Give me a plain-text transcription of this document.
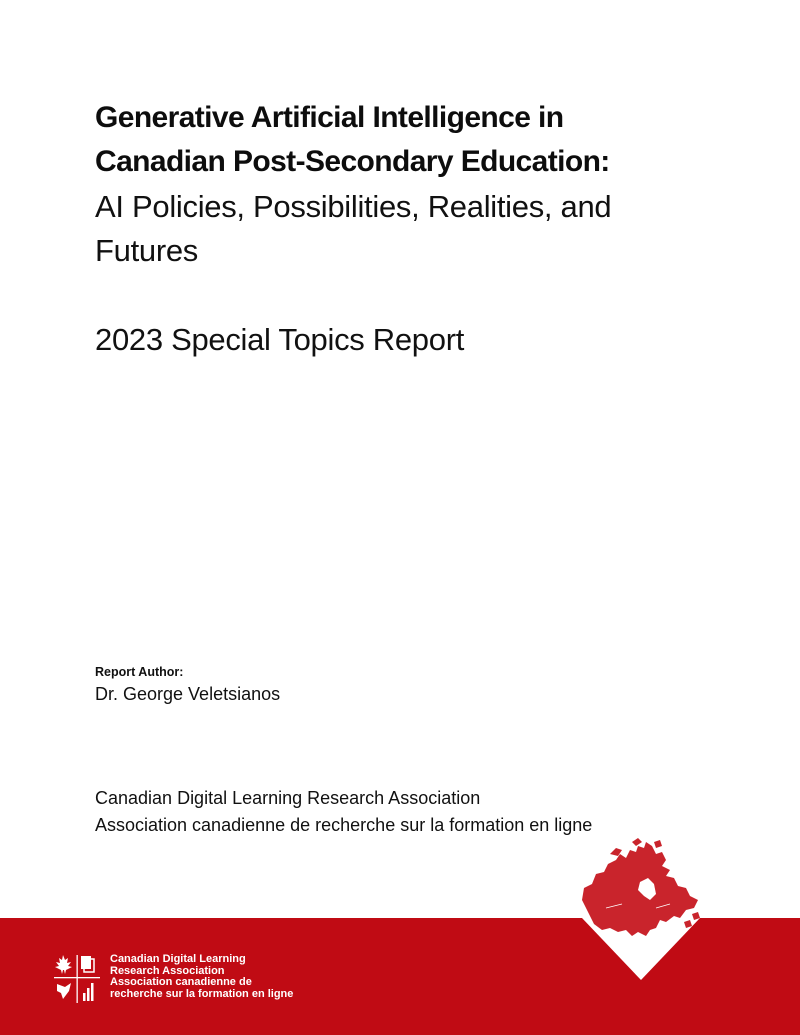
Generative Artificial Intelligence in
Canadian Post-Secondary Education:
AI Policies, Possibilities, Realities, and
Futures
2023 Special Topics Report
Report Author:
Dr. George Veletsianos
Canadian Digital Learning Research Association
Association canadienne de recherche sur la formation en ligne
Canadian Digital Learning
Research Association
Association canadienne de
recherche sur la formation en ligne
